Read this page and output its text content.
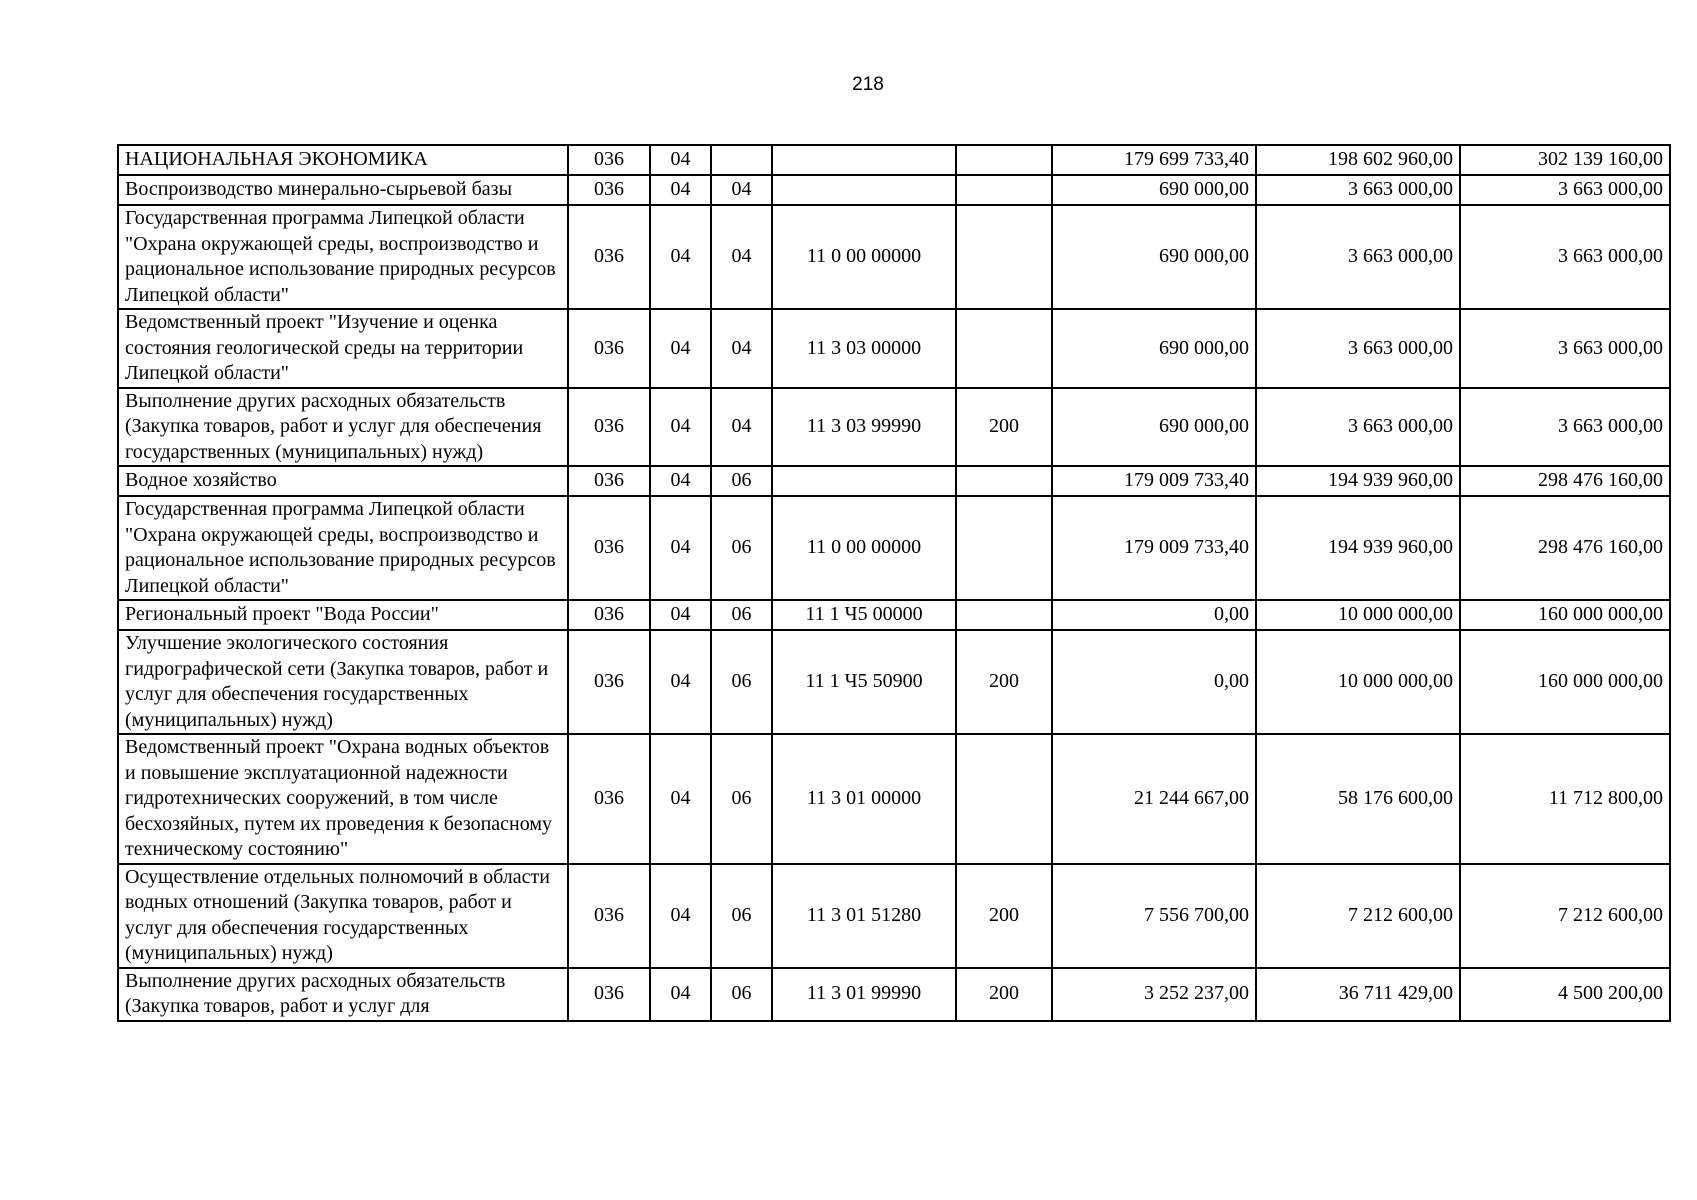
218
НАЦИОНАЛЬНАЯ ЭКОНОМИКА	036	04				179 699 733,40	198 602 960,00	302 139 160,00
Воспроизводство минерально-сырьевой базы	036	04	04			690 000,00	3 663 000,00	3 663 000,00
Государственная программа Липецкой области "Охрана окружающей среды, воспроизводство и рациональное использование природных ресурсов Липецкой области"	036	04	04	11 0 00 00000		690 000,00	3 663 000,00	3 663 000,00
Ведомственный проект "Изучение и оценка состояния геологической среды на территории Липецкой области"	036	04	04	11 3 03 00000		690 000,00	3 663 000,00	3 663 000,00
Выполнение других расходных обязательств (Закупка товаров, работ и услуг для обеспечения государственных (муниципальных) нужд)	036	04	04	11 3 03 99990	200	690 000,00	3 663 000,00	3 663 000,00
Водное хозяйство	036	04	06			179 009 733,40	194 939 960,00	298 476 160,00
Государственная программа Липецкой области "Охрана окружающей среды, воспроизводство и рациональное использование природных ресурсов Липецкой области"	036	04	06	11 0 00 00000		179 009 733,40	194 939 960,00	298 476 160,00
Региональный проект "Вода России"	036	04	06	11 1 Ч5 00000		0,00	10 000 000,00	160 000 000,00
Улучшение экологического состояния гидрографической сети (Закупка товаров, работ и услуг для обеспечения государственных (муниципальных) нужд)	036	04	06	11 1 Ч5 50900	200	0,00	10 000 000,00	160 000 000,00
Ведомственный проект "Охрана водных объектов и повышение эксплуатационной надежности гидротехнических сооружений, в том числе бесхозяйных, путем их проведения к безопасному техническому состоянию"	036	04	06	11 3 01 00000		21 244 667,00	58 176 600,00	11 712 800,00
Осуществление отдельных полномочий в области водных отношений (Закупка товаров, работ и услуг для обеспечения государственных (муниципальных) нужд)	036	04	06	11 3 01 51280	200	7 556 700,00	7 212 600,00	7 212 600,00
Выполнение других расходных обязательств (Закупка товаров, работ и услуг для	036	04	06	11 3 01 99990	200	3 252 237,00	36 711 429,00	4 500 200,00
